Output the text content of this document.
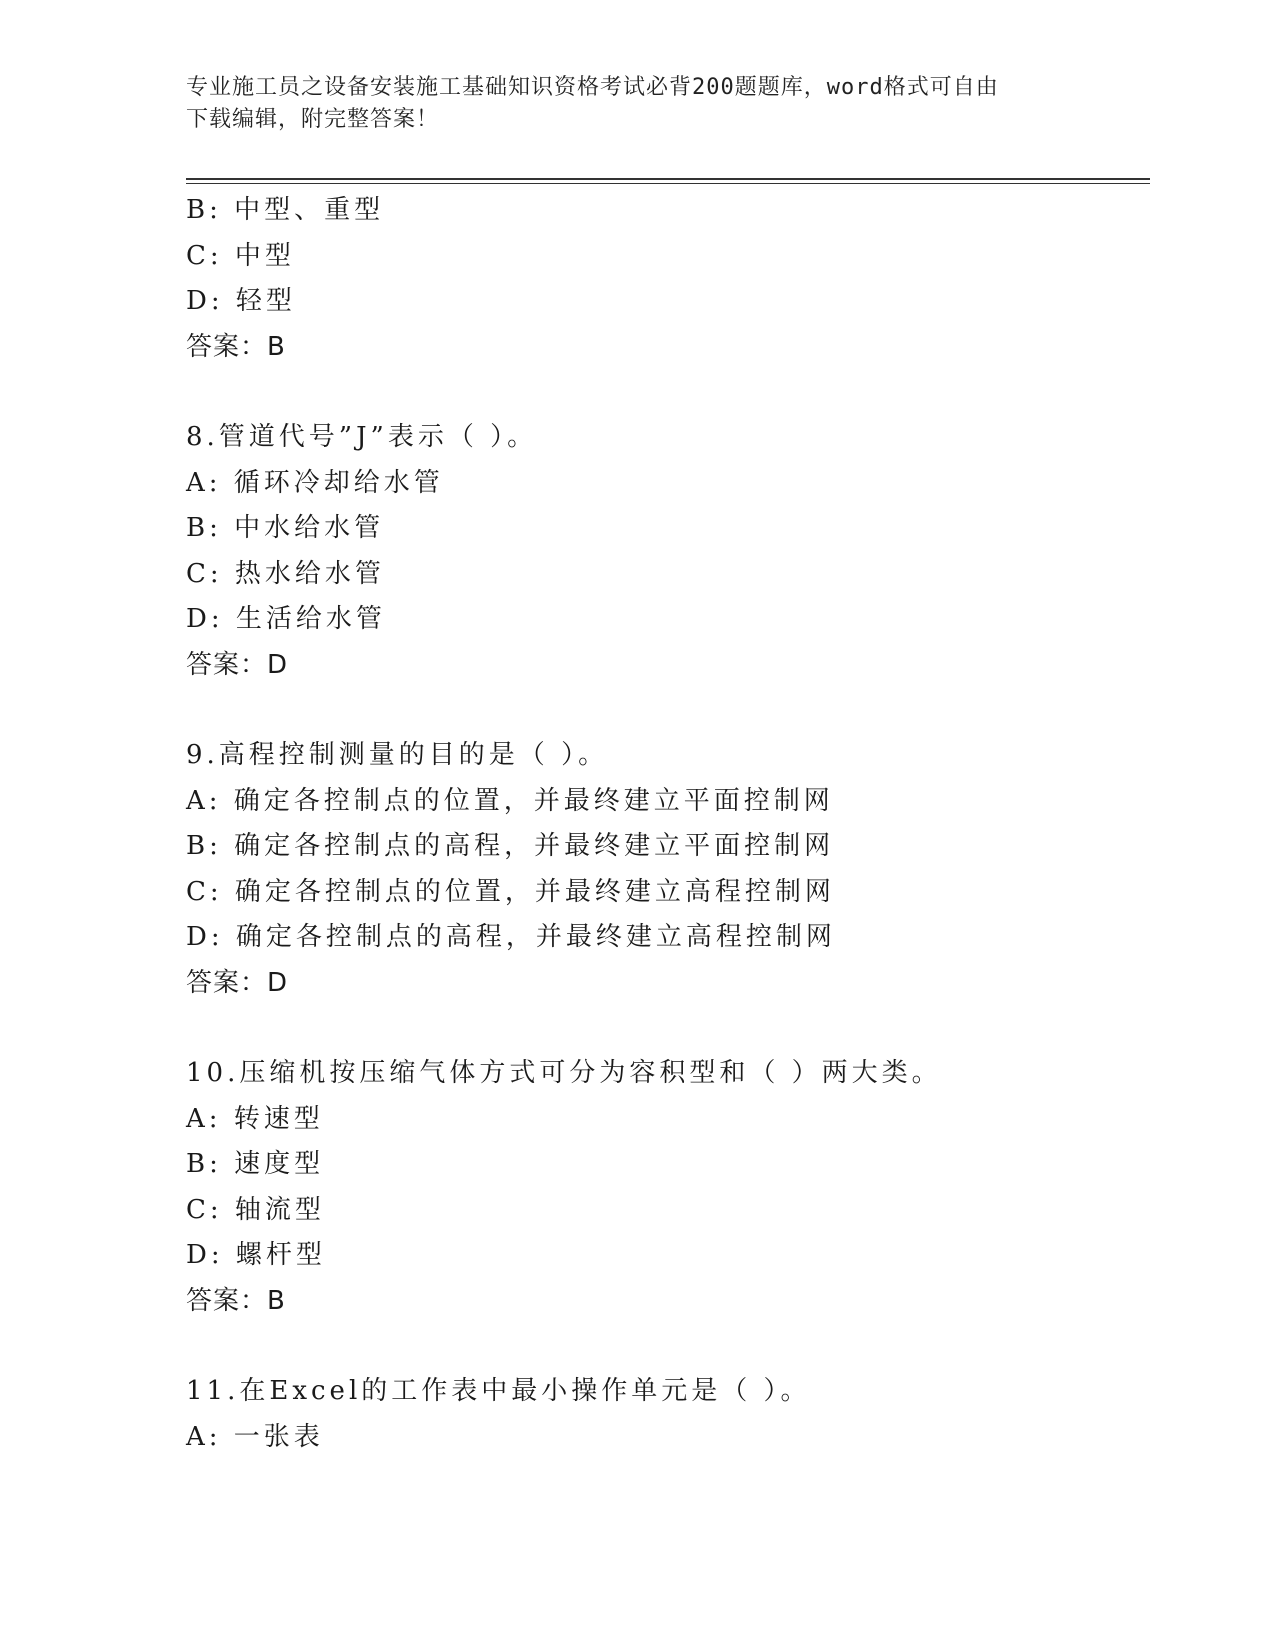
专业施工员之设备安装施工基础知识资格考试必背200题题库，word格式可自由
下载编辑，附完整答案！
B: 中型、重型
C: 中型
D: 轻型
答案：B
8.管道代号”J”表示（ ）。
A: 循环冷却给水管
B: 中水给水管
C: 热水给水管
D: 生活给水管
答案：D
9.高程控制测量的目的是（ ）。
A: 确定各控制点的位置，并最终建立平面控制网
B: 确定各控制点的高程，并最终建立平面控制网
C: 确定各控制点的位置，并最终建立高程控制网
D: 确定各控制点的高程，并最终建立高程控制网
答案：D
10.压缩机按压缩气体方式可分为容积型和（ ）两大类。
A: 转速型
B: 速度型
C: 轴流型
D: 螺杆型
答案：B
11.在Excel的工作表中最小操作单元是（ ）。
A: 一张表
